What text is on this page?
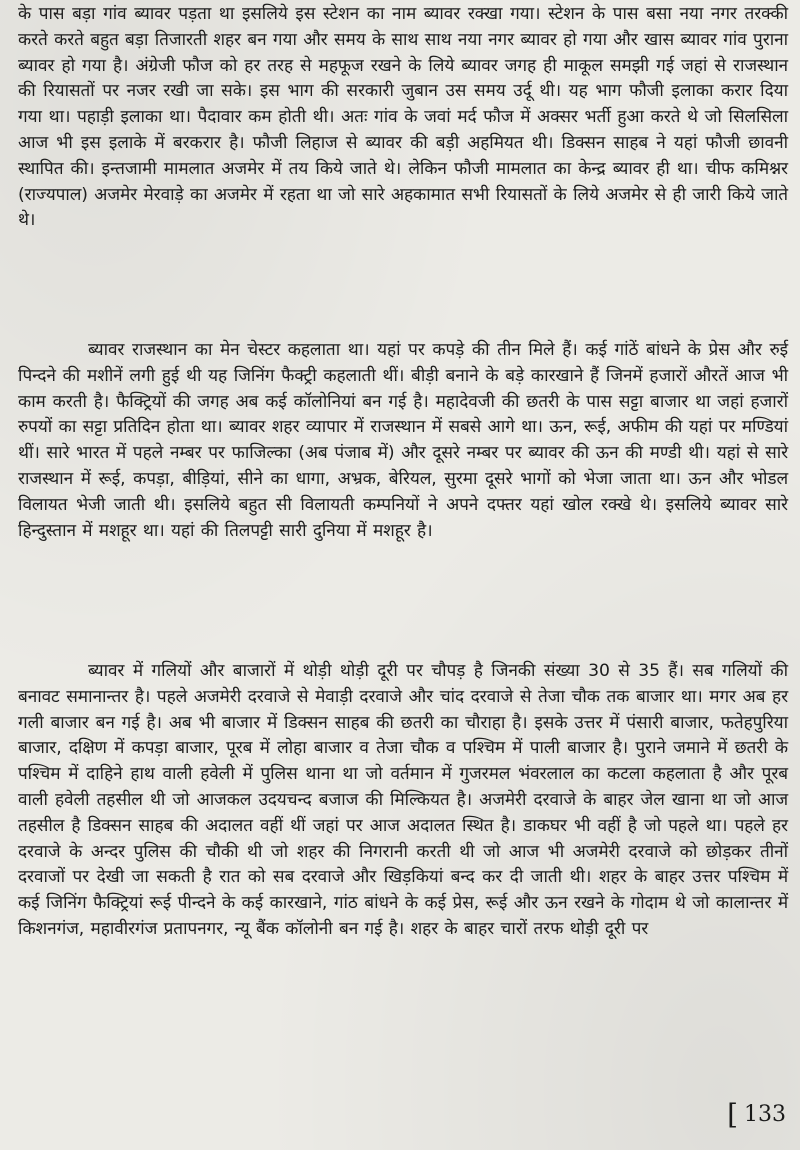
के पास बड़ा गांव ब्यावर पड़ता था इसलिये इस स्टेशन का नाम ब्यावर रक्खा गया। स्टेशन के पास बसा नया नगर तरक्की करते करते बहुत बड़ा तिजारती शहर बन गया और समय के साथ साथ नया नगर ब्यावर हो गया और खास ब्यावर गांव पुराना ब्यावर हो गया है। अंग्रेजी फौज को हर तरह से महफूज रखने के लिये ब्यावर जगह ही माकूल समझी गई जहां से राजस्थान की रियासतों पर नजर रखी जा सके। इस भाग की सरकारी जुबान उस समय उर्दू थी। यह भाग फौजी इलाका करार दिया गया था। पहाड़ी इलाका था। पैदावार कम होती थी। अतः गांव के जवां मर्द फौज में अक्सर भर्ती हुआ करते थे जो सिलसिला आज भी इस इलाके में बरकरार है। फौजी लिहाज से ब्यावर की बड़ी अहमियत थी। डिक्सन साहब ने यहां फौजी छावनी स्थापित की। इन्तजामी मामलात अजमेर में तय किये जाते थे। लेकिन फौजी मामलात का केन्द्र ब्यावर ही था। चीफ कमिश्नर (राज्यपाल) अजमेर मेरवाड़े का अजमेर में रहता था जो सारे अहकामात सभी रियासतों के लिये अजमेर से ही जारी किये जाते थे।

ब्यावर राजस्थान का मेन चेस्टर कहलाता था। यहां पर कपड़े की तीन मिले हैं। कई गांठें बांधने के प्रेस और रुई पिन्दने की मशीनें लगी हुई थी यह जिनिंग फैक्ट्री कहलाती थीं। बीड़ी बनाने के बड़े कारखाने हैं जिनमें हजारों औरतें आज भी काम करती है। फैक्ट्रियों की जगह अब कई कॉलोनियां बन गई है। महादेवजी की छतरी के पास सट्टा बाजार था जहां हजारों रुपयों का सट्टा प्रतिदिन होता था। ब्यावर शहर व्यापार में राजस्थान में सबसे आगे था। ऊन, रूई, अफीम की यहां पर मण्डियां थीं। सारे भारत में पहले नम्बर पर फाजिल्का (अब पंजाब में) और दूसरे नम्बर पर ब्यावर की ऊन की मण्डी थी। यहां से सारे राजस्थान में रूई, कपड़ा, बीड़ियां, सीने का धागा, अभ्रक, बेरियल, सुरमा दूसरे भागों को भेजा जाता था। ऊन और भोडल विलायत भेजी जाती थी। इसलिये बहुत सी विलायती कम्पनियों ने अपने दफ्तर यहां खोल रक्खे थे। इसलिये ब्यावर सारे हिन्दुस्तान में मशहूर था। यहां की तिलपट्टी सारी दुनिया में मशहूर है।

ब्यावर में गलियों और बाजारों में थोड़ी थोड़ी दूरी पर चौपड़ है जिनकी संख्या 30 से 35 हैं। सब गलियों की बनावट समानान्तर है। पहले अजमेरी दरवाजे से मेवाड़ी दरवाजे और चांद दरवाजे से तेजा चौक तक बाजार था। मगर अब हर गली बाजार बन गई है। अब भी बाजार में डिक्सन साहब की छतरी का चौराहा है। इसके उत्तर में पंसारी बाजार, फतेहपुरिया बाजार, दक्षिण में कपड़ा बाजार, पूरब में लोहा बाजार व तेजा चौक व पश्चिम में पाली बाजार है। पुराने जमाने में छतरी के पश्चिम में दाहिने हाथ वाली हवेली में पुलिस थाना था जो वर्तमान में गुजरमल भंवरलाल का कटला कहलाता है और पूरब वाली हवेली तहसील थी जो आजकल उदयचन्द बजाज की मिल्कियत है। अजमेरी दरवाजे के बाहर जेल खाना था जो आज तहसील है डिक्सन साहब की अदालत वहीं थीं जहां पर आज अदालत स्थित है। डाकघर भी वहीं है जो पहले था। पहले हर दरवाजे के अन्दर पुलिस की चौकी थी जो शहर की निगरानी करती थी जो आज भी अजमेरी दरवाजे को छोड़कर तीनों दरवाजों पर देखी जा सकती है रात को सब दरवाजे और खिड़कियां बन्द कर दी जाती थी। शहर के बाहर उत्तर पश्चिम में कई जिनिंग फैक्ट्रियां रूई पीन्दने के कई कारखाने, गांठ बांधने के कई प्रेस, रूई और ऊन रखने के गोदाम थे जो कालान्तर में किशनगंज, महावीरगंज प्रतापनगर, न्यू बैंक कॉलोनी बन गई है। शहर के बाहर चारों तरफ थोड़ी दूरी पर

[ 133
